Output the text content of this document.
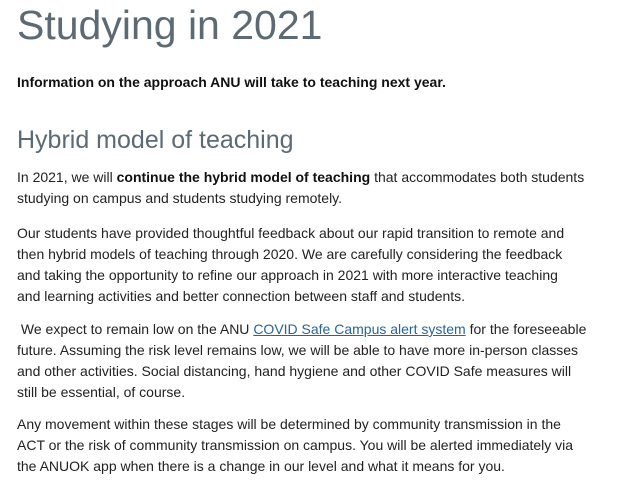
Studying in 2021
Information on the approach ANU will take to teaching next year.
Hybrid model of teaching

In 2021, we will continue the hybrid model of teaching that accommodates both students
studying on campus and students studying remotely.

Our students have provided thoughtful feedback about our rapid transition to remote and
then hybrid models of teaching through 2020. We are carefully considering the feedback
and taking the opportunity to refine our approach in 2021 with more interactive teaching
and learning activities and better connection between staff and students.

We expect to remain low on the ANU COVID Safe Campus alert system for the foreseeable
future. Assuming the risk level remains low, we will be able to have more in-person classes
and other activities. Social distancing, hand hygiene and other COVID Safe measures will
still be essential, of course.

Any movement within these stages will be determined by community transmission in the
ACT or the risk of community transmission on campus. You will be alerted immediately via
the ANUOK app when there is a change in our level and what it means for you.
